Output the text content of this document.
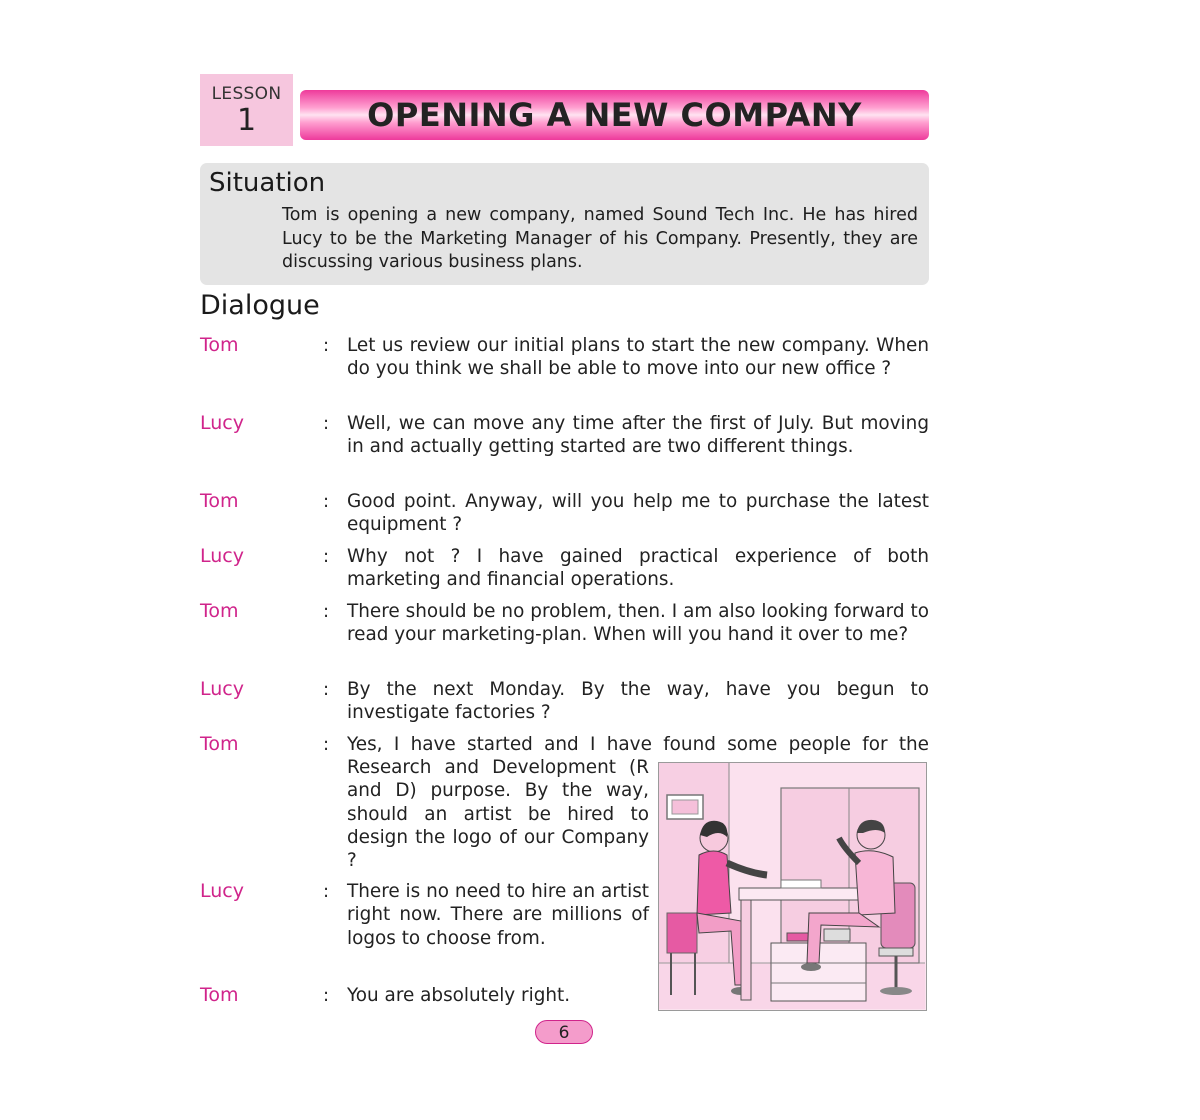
LESSON
1	OPENING A NEW COMPANY
Situation
Tom is opening a new company, named Sound Tech Inc. He has hired Lucy to be the Marketing Manager of his Company. Presently, they are discussing various business plans.
Dialogue
Tom	: Let us review our initial plans to start the new company. When do you think we shall be able to move into our new office ?
Lucy	: Well, we can move any time after the first of July. But moving in and actually getting started are two different things.
Tom	: Good point. Anyway, will you help me to purchase the latest equipment ?
Lucy	: Why not ? I have gained practical experience of both marketing and financial operations.
Tom	: There should be no problem, then. I am also looking forward to read your marketing-plan. When will you hand it over to me?
Lucy	: By the next Monday. By the way, have you begun to investigate factories ?
Tom	: Yes, I have started and I have found some people for the
Research and Development (R and D) purpose. By the way, should an artist be hired to design the logo of our Company ?
Lucy	: There is no need to hire an artist right now. There are millions of logos to choose from.
Tom	: You are absolutely right.
6
